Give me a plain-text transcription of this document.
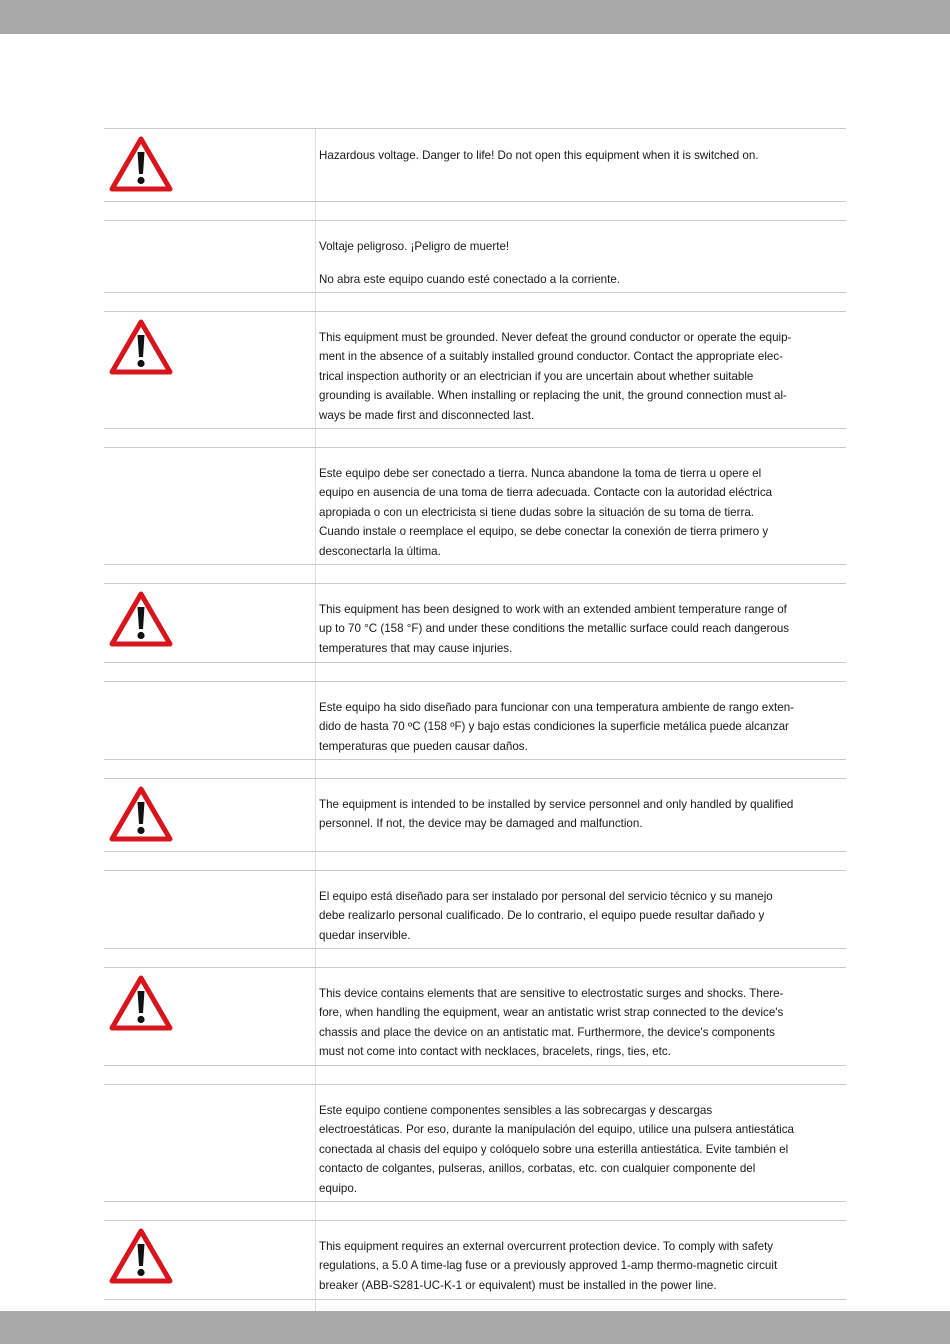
Hazardous voltage. Danger to life! Do not open this equipment when it is switched on.

Voltaje peligroso. ¡Peligro de muerte!

No abra este equipo cuando esté conectado a la corriente.

This equipment must be grounded. Never defeat the ground conductor or operate the equip-

ment in the absence of a suitably installed ground conductor. Contact the appropriate elec-

trical inspection authority or an electrician if you are uncertain about whether suitable

grounding is available. When installing or replacing the unit, the ground connection must al-

ways be made first and disconnected last.

Este equipo debe ser conectado a tierra. Nunca abandone la toma de tierra u opere el

equipo en ausencia de una toma de tierra adecuada. Contacte con la autoridad eléctrica

apropiada o con un electricista si tiene dudas sobre la situación de su toma de tierra.

Cuando instale o reemplace el equipo, se debe conectar la conexión de tierra primero y

desconectarla la última.

This equipment has been designed to work with an extended ambient temperature range of

up to 70 °C (158 °F) and under these conditions the metallic surface could reach dangerous

temperatures that may cause injuries.

Este equipo ha sido diseñado para funcionar con una temperatura ambiente de rango exten-

dido de hasta 70 ºC (158 ºF) y bajo estas condiciones la superficie metálica puede alcanzar

temperaturas que pueden causar daños.

The equipment is intended to be installed by service personnel and only handled by qualified

personnel. If not, the device may be damaged and malfunction.

El equipo está diseñado para ser instalado por personal del servicio técnico y su manejo

debe realizarlo personal cualificado. De lo contrario, el equipo puede resultar dañado y

quedar inservible.

This device contains elements that are sensitive to electrostatic surges and shocks. There-

fore, when handling the equipment, wear an antistatic wrist strap connected to the device's

chassis and place the device on an antistatic mat. Furthermore, the device's components

must not come into contact with necklaces, bracelets, rings, ties, etc.

Este equipo contiene componentes sensibles a las sobrecargas y descargas

electroestáticas. Por eso, durante la manipulación del equipo, utilice una pulsera antiestática

conectada al chasis del equipo y colóquelo sobre una esterilla antiestática. Evite también el

contacto de colgantes, pulseras, anillos, corbatas, etc. con cualquier componente del

equipo.

This equipment requires an external overcurrent protection device. To comply with safety

regulations, a 5.0 A time-lag fuse or a previously approved 1-amp thermo-magnetic circuit

breaker (ABB-S281-UC-K-1 or equivalent) must be installed in the power line.
